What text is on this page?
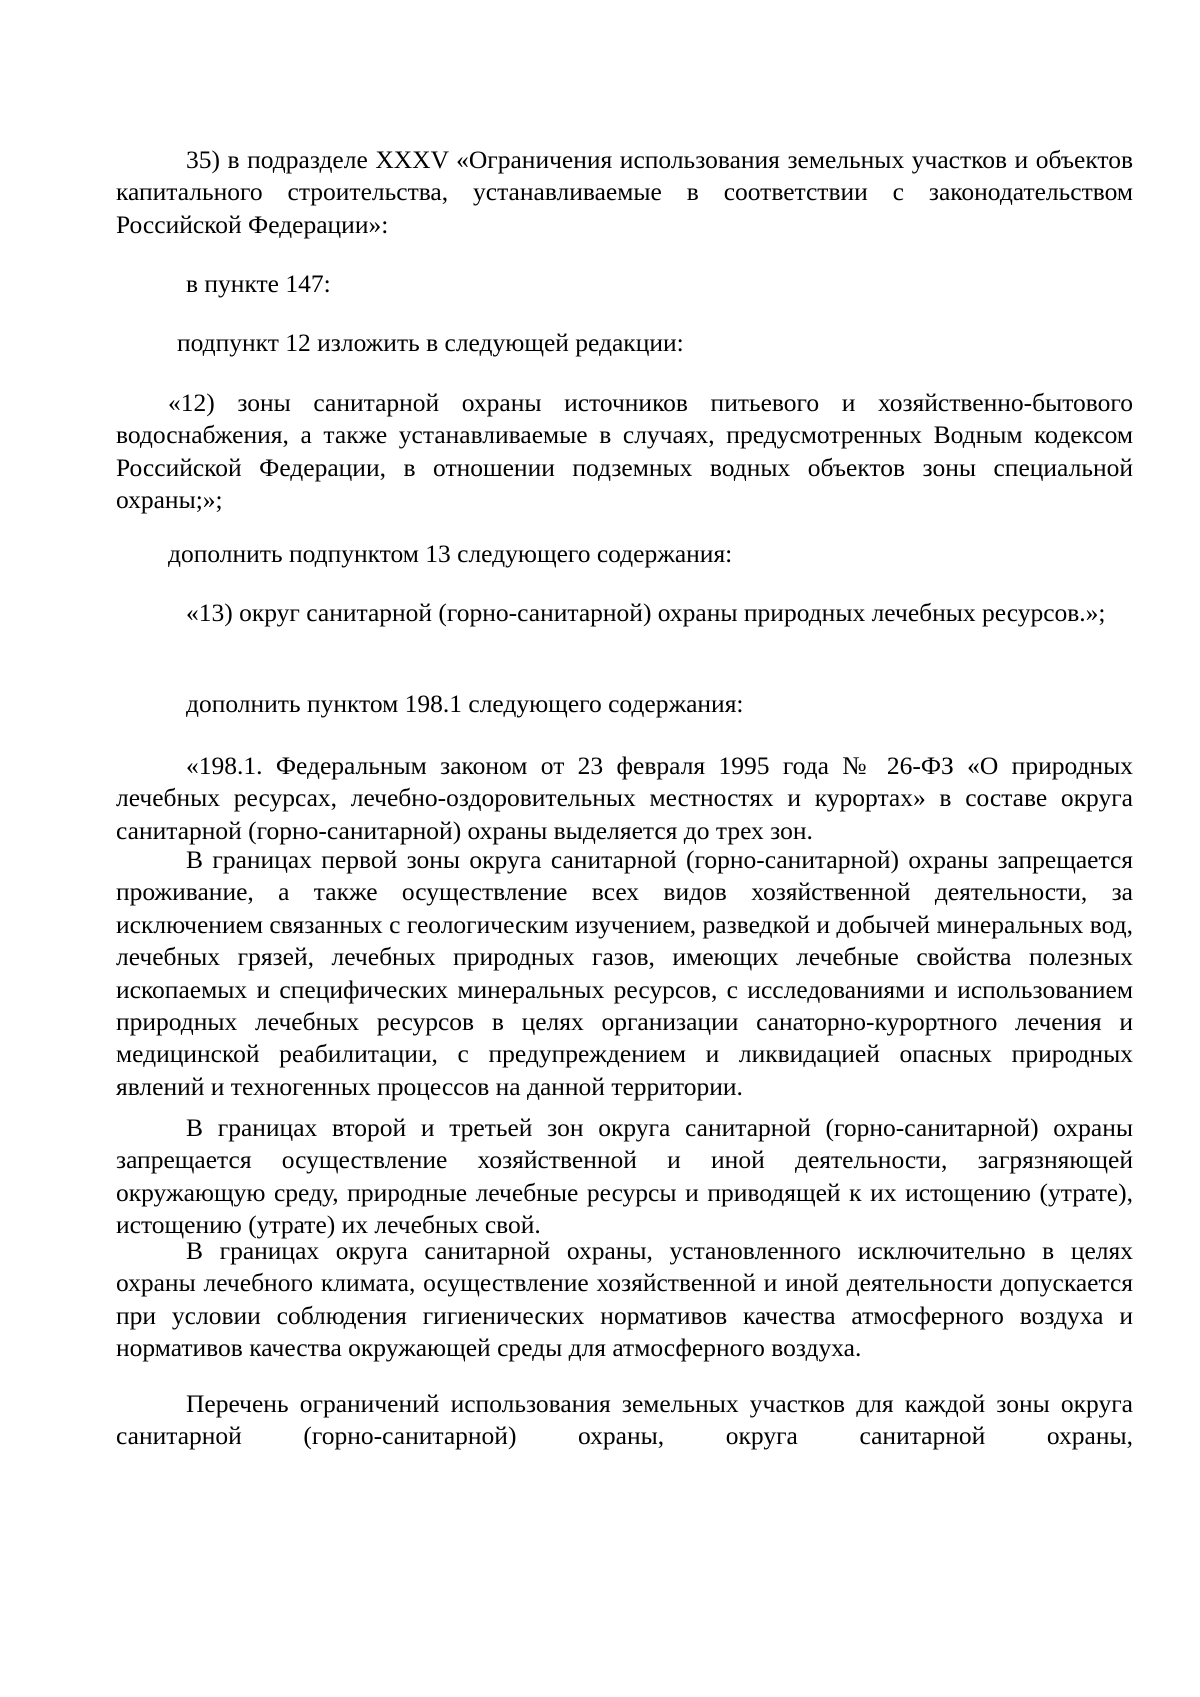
35) в подразделе XXXV «Ограничения использования земельных участков и объектов капитального строительства, устанавливаемые в соответствии с законодательством Российской Федерации»:

в пункте 147:

подпункт 12 изложить в следующей редакции:

«12) зоны санитарной охраны источников питьевого и хозяйственно-бытового водоснабжения, а также устанавливаемые в случаях, предусмотренных Водным кодексом Российской Федерации, в отношении подземных водных объектов зоны специальной охраны;»;

дополнить подпунктом 13 следующего содержания:

«13) округ санитарной (горно-санитарной) охраны природных лечебных ресурсов.»;

дополнить пунктом 198.1 следующего содержания:

«198.1. Федеральным законом от 23 февраля 1995 года № 26-ФЗ «О природных лечебных ресурсах, лечебно-оздоровительных местностях и курортах» в составе округа санитарной (горно-санитарной) охраны выделяется до трех зон.

В границах первой зоны округа санитарной (горно-санитарной) охраны запрещается проживание, а также осуществление всех видов хозяйственной деятельности, за исключением связанных с геологическим изучением, разведкой и добычей минеральных вод, лечебных грязей, лечебных природных газов, имеющих лечебные свойства полезных ископаемых и специфических минеральных ресурсов, с исследованиями и использованием природных лечебных ресурсов в целях организации санаторно-курортного лечения и медицинской реабилитации, с предупреждением и ликвидацией опасных природных явлений и техногенных процессов на данной территории.

В границах второй и третьей зон округа санитарной (горно-санитарной) охраны запрещается осуществление хозяйственной и иной деятельности, загрязняющей окружающую среду, природные лечебные ресурсы и приводящей к их истощению (утрате), истощению (утрате) их лечебных свой.

В границах округа санитарной охраны, установленного исключительно в целях охраны лечебного климата, осуществление хозяйственной и иной деятельности допускается при условии соблюдения гигиенических нормативов качества атмосферного воздуха и нормативов качества окружающей среды для атмосферного воздуха.

Перечень ограничений использования земельных участков для каждой зоны округа санитарной (горно-санитарной) охраны, округа санитарной охраны,
